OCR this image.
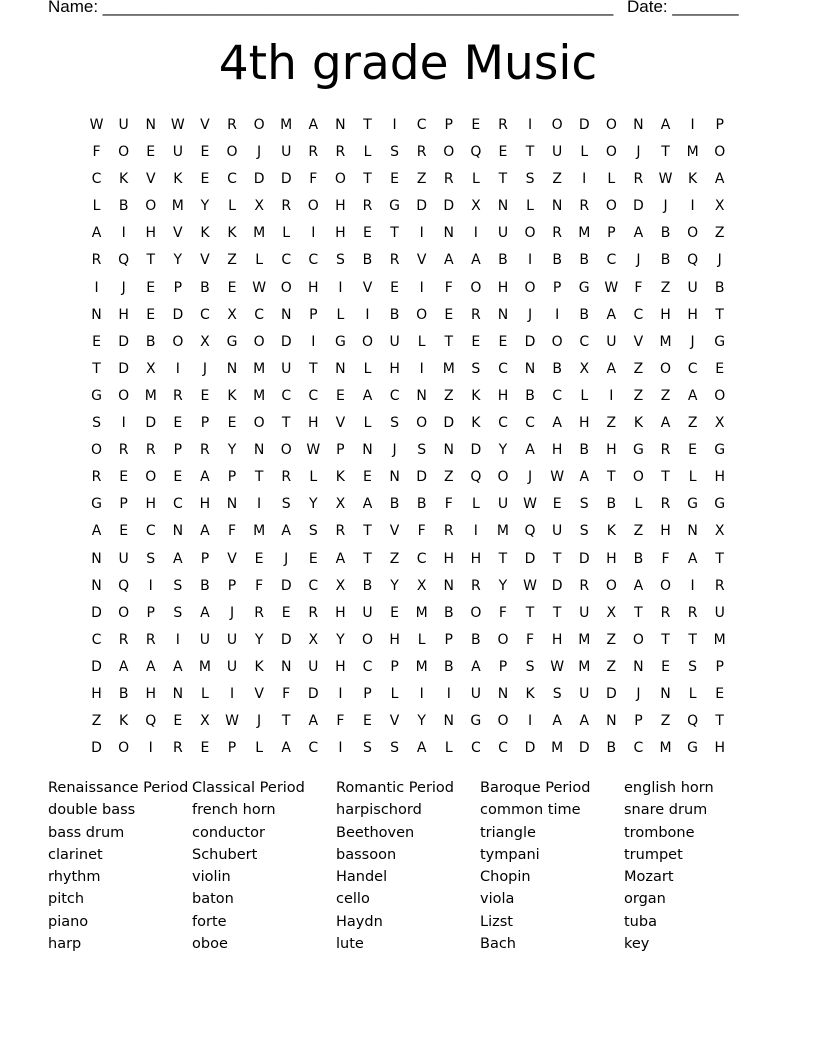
Name: ______________________________________________________ Date: _______
4th grade Music
W U N W V R O M A N T I C P E R I O D O N A I P
F O E U E O J U R R L S R O Q E T U L O J T M O
C K V K E C D D F O T E Z R L T S Z I L R W K A
L B O M Y L X R O H R G D D X N L N R O D J I X
A I H V K K M L I H E T I N I U O R M P A B O Z
R Q T Y V Z L C C S B R V A A B I B B C J B Q J
I J E P B E W O H I V E I F O H O P G W F Z U B
N H E D C X C N P L I B O E R N J I B A C H H T
E D B O X G O D I G O U L T E E D O C U V M J G
T D X I J N M U T N L H I M S C N B X A Z O C E
G O M R E K M C C E A C N Z K H B C L I Z Z A O
S I D E P E O T H V L S O D K C C A H Z K A Z X
O R R P R Y N O W P N J S N D Y A H B H G R E G
R E O E A P T R L K E N D Z Q O J W A T O T L H
G P H C H N I S Y X A B B F L U W E S B L R G G
A E C N A F M A S R T V F R I M Q U S K Z H N X
N U S A P V E J E A T Z C H H T D T D H B F A T
N Q I S B P F D C X B Y X N R Y W D R O A O I R
D O P S A J R E R H U E M B O F T T U X T R R U
C R R I U U Y D X Y O H L P B O F H M Z O T T M
D A A A M U K N U H C P M B A P S W M Z N E S P
H B H N L I V F D I P L I I U N K S U D J N L E
Z K Q E X W J T A F E V Y N G O I A A N P Z Q T
D O I R E P L A C I S S A L C C D M D B C M G H
Renaissance Period
double bass
bass drum
clarinet
rhythm
pitch
piano
harp
Classical Period
french horn
conductor
Schubert
violin
baton
forte
oboe
Romantic Period
harpischord
Beethoven
bassoon
Handel
cello
Haydn
lute
Baroque Period
common time
triangle
tympani
Chopin
viola
Lizst
Bach
english horn
snare drum
trombone
trumpet
Mozart
organ
tuba
key
